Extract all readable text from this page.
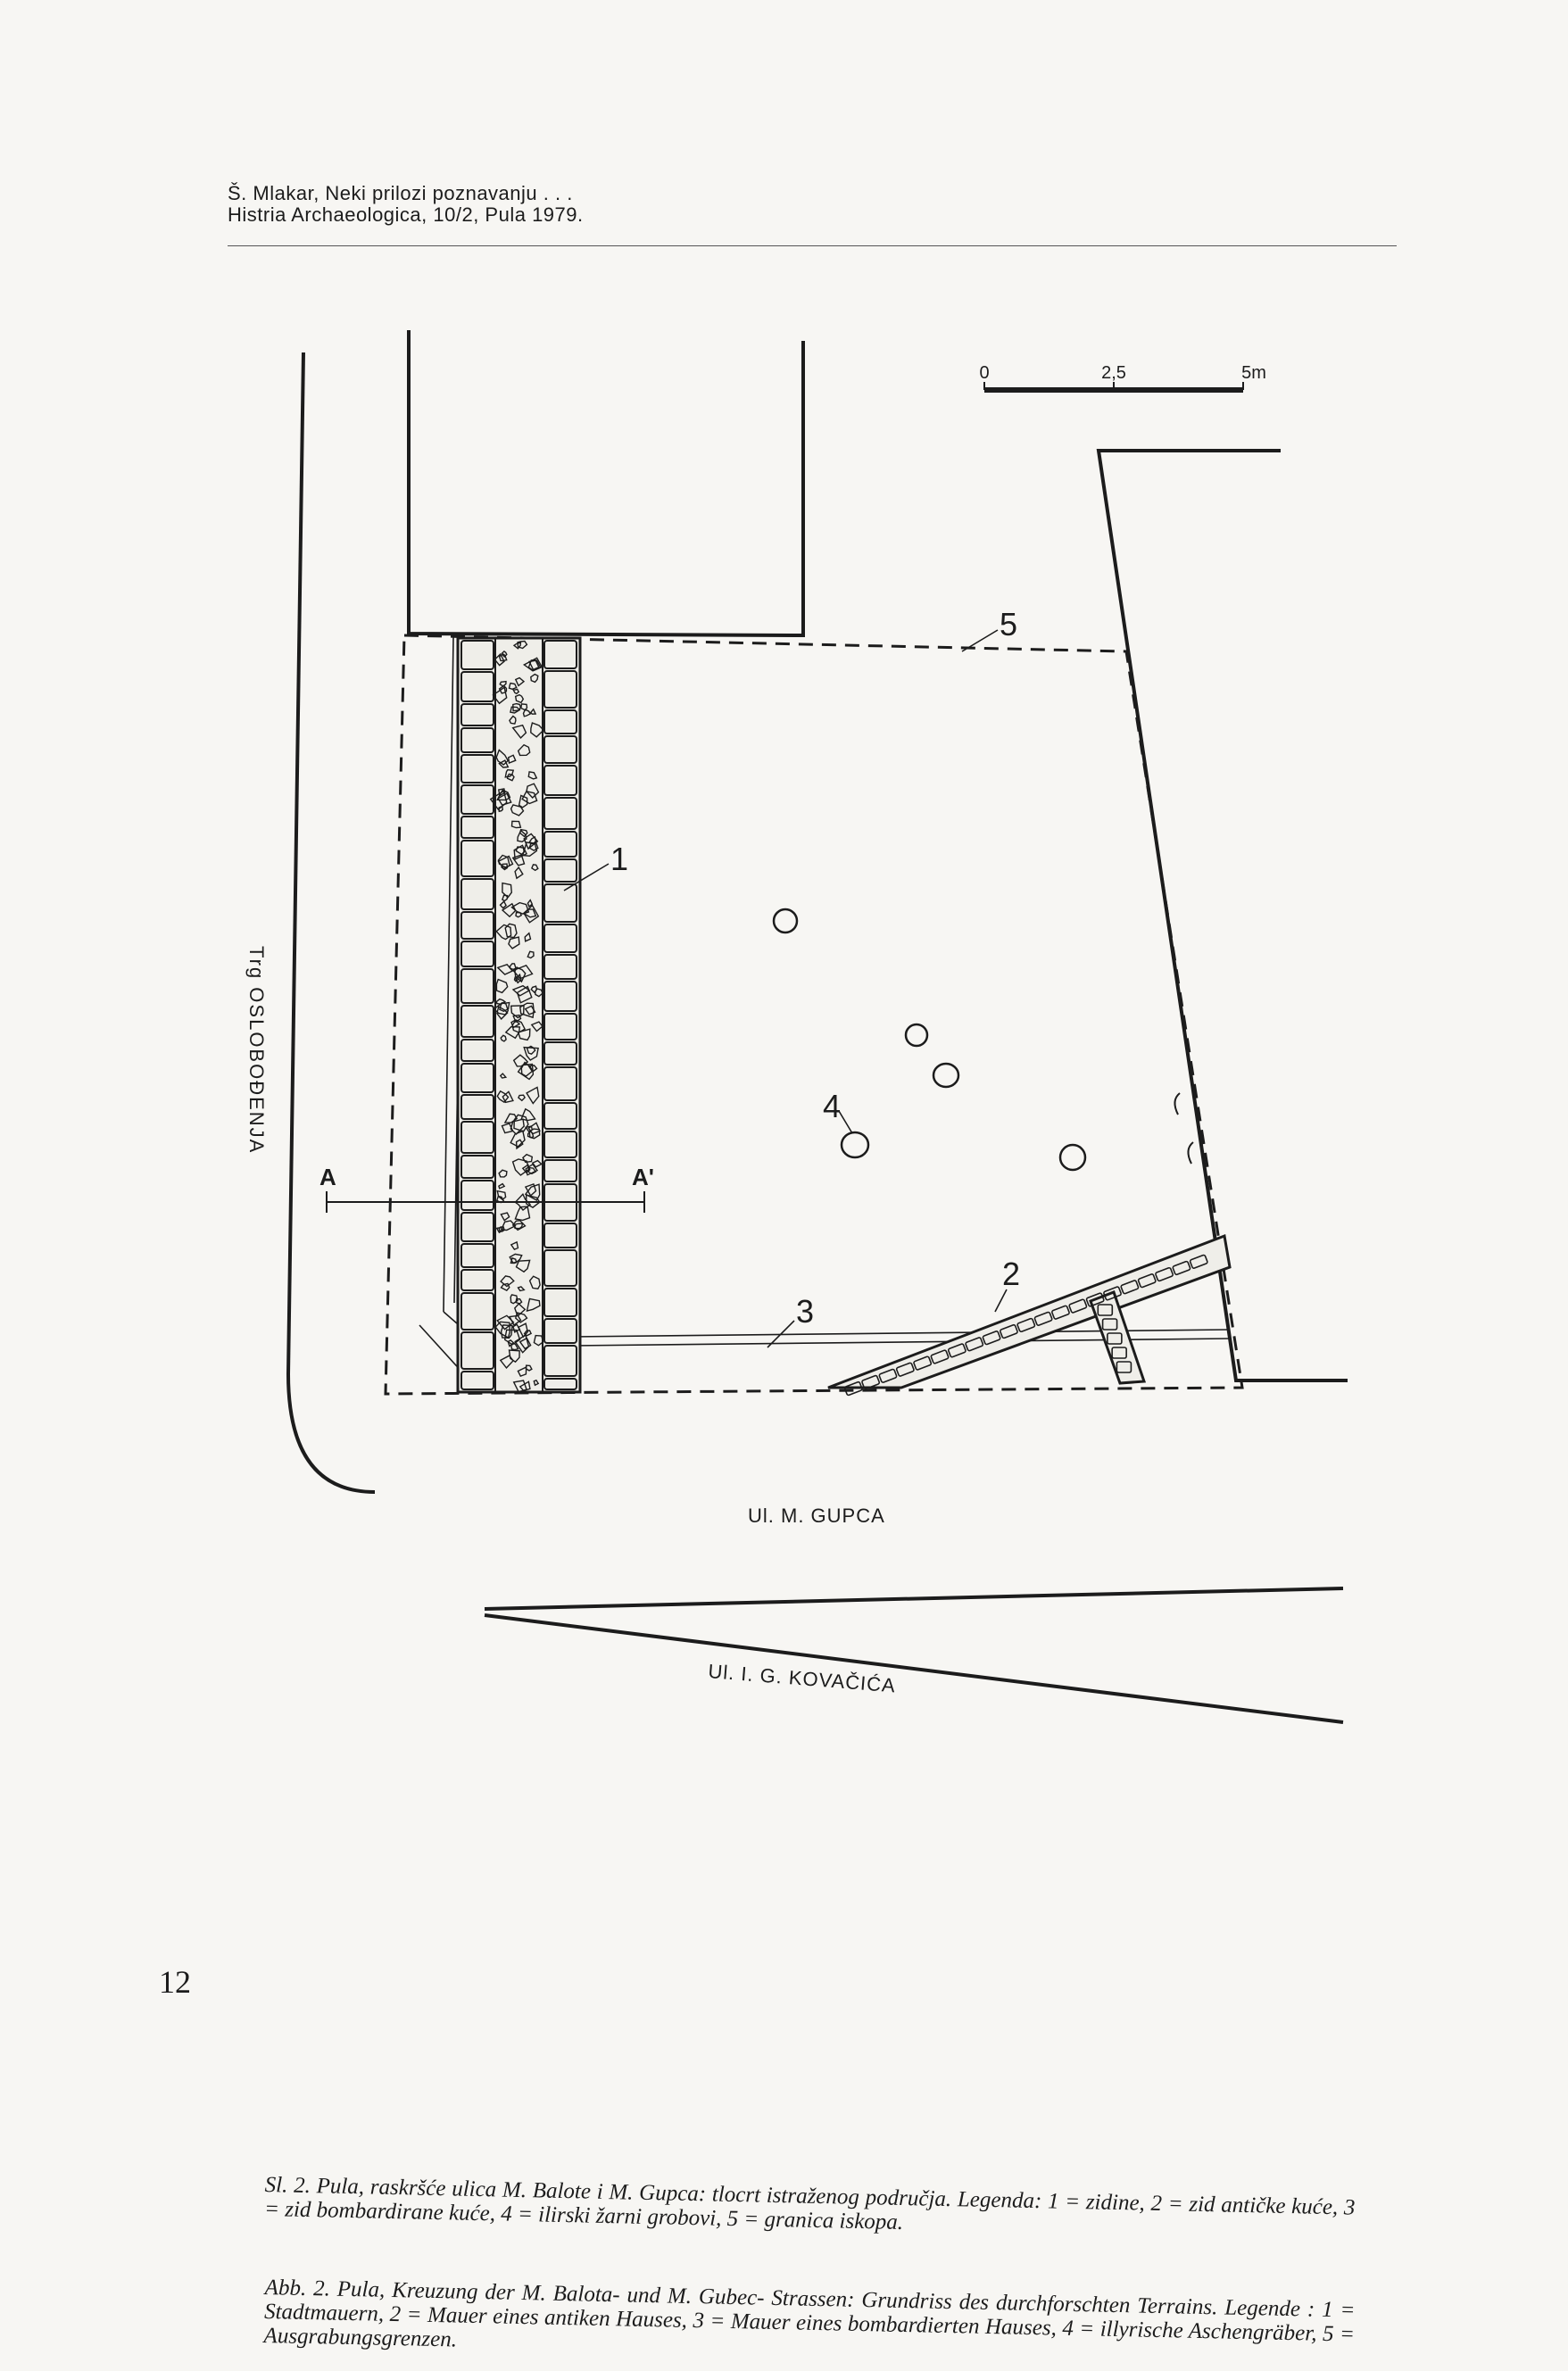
Š. Mlakar, Neki prilozi poznavanju . . .
Histria Archaeologica, 10/2, Pula 1979.
0	2,5	5m
A	A'
1
2
3
4
5
Trg OSLOBOĐENJA
Ul. M. GUPCA
Ul. I. G. KOVAČIĆA
Sl. 2. Pula, raskršće ulica M. Balote i M. Gupca: tlocrt istraženog područja. Legenda: 1 = zidine, 2 = zid antičke kuće, 3 = zid bombardirane kuće, 4 = ilirski žarni grobovi, 5 = granica iskopa.
Abb. 2. Pula, Kreuzung der M. Balota- und M. Gubec- Strassen: Grundriss des durchforschten Terrains. Legende : 1 = Stadtmauern, 2 = Mauer eines antiken Hauses, 3 = Mauer eines bombardierten Hauses, 4 = illyrische Aschengräber, 5 = Ausgrabungsgrenzen.
12
